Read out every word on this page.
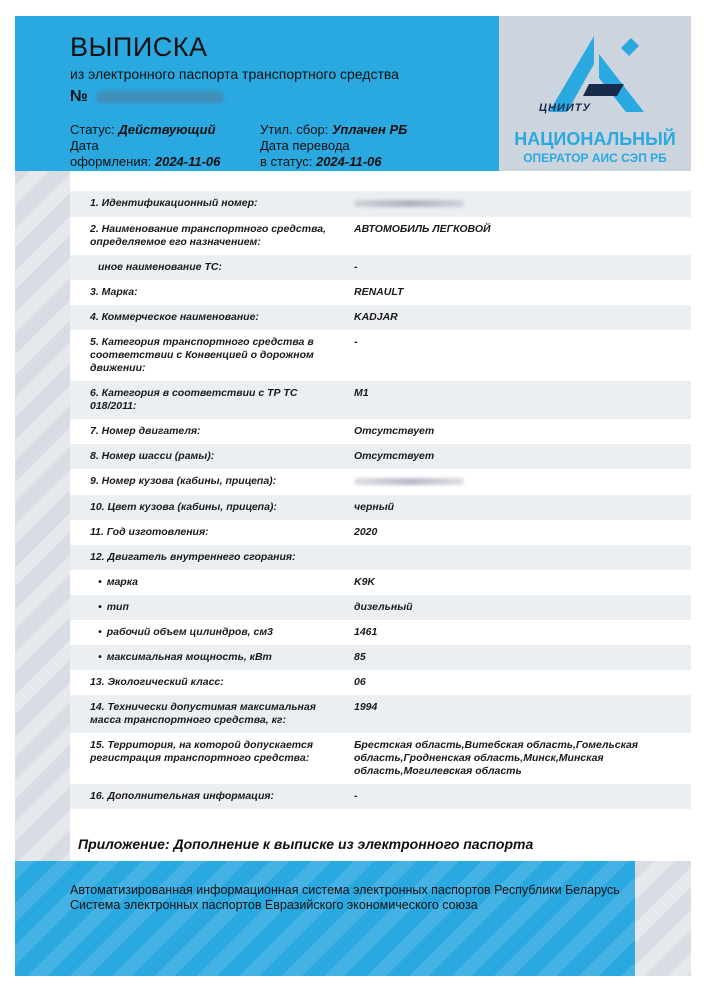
ВЫПИСКА
из электронного паспорта транспортного средства
№
Статус: Действующий
Дата
оформления: 2024-11-06
Утил. сбор: Уплачен РБ
Дата перевода
в статус: 2024-11-06
ЦНИИТУ
НАЦИОНАЛЬНЫЙ
ОПЕРАТОР АИС СЭП РБ
1. Идентификационный номер:
2. Наименование транспортного средства, определяемое его назначением:
АВТОМОБИЛЬ ЛЕГКОВОЙ
иное наименование ТС:	-
3. Марка:	RENAULT
4. Коммерческое наименование:	KADJAR
5. Категория транспортного средства в соответствии с Конвенцией о дорожном движении:
-
6. Категория в соответствии с ТР ТС 018/2011:
M1
7. Номер двигателя:	Отсутствует
8. Номер шасси (рамы):	Отсутствует
9. Номер кузова (кабины, прицепа):
10. Цвет кузова (кабины, прицепа):	черный
11. Год изготовления:	2020
12. Двигатель внутреннего сгорания:
• марка	K9K
• тип	дизельный
• рабочий объем цилиндров, см3	1461
• максимальная мощность, кВт	85
13. Экологический класс:	06
14. Технически допустимая максимальная масса транспортного средства, кг:
1994
15. Территория, на которой допускается регистрация транспортного средства:
Брестская область,Витебская область,Гомельская область,Гродненская область,Минск,Минская область,Могилевская область
16. Дополнительная информация:	-
Приложение: Дополнение к выписке из электронного паспорта
Автоматизированная информационная система электронных паспортов Республики Беларусь
Система электронных паспортов Евразийского экономического союза
